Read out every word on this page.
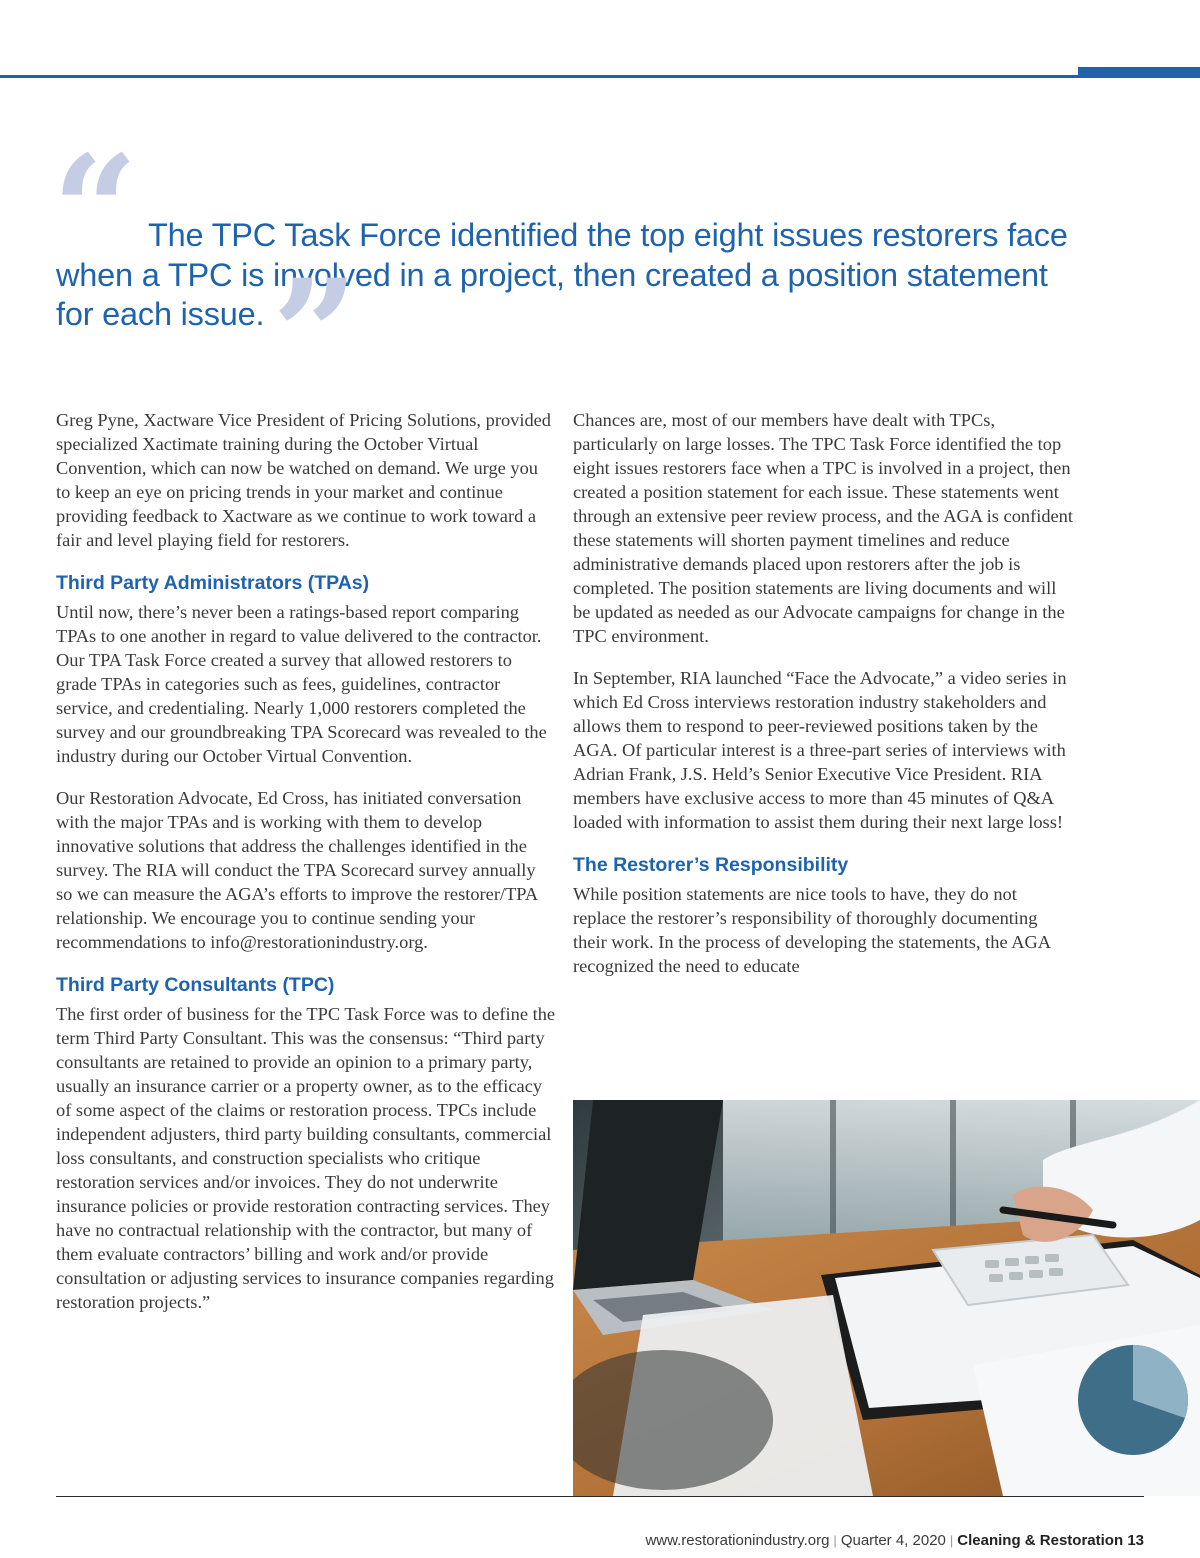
“ The TPC Task Force identified the top eight issues restorers face when a TPC is involved in a project, then created a position statement for each issue. ”

Greg Pyne, Xactware Vice President of Pricing Solutions, provided specialized Xactimate training during the October Virtual Convention, which can now be watched on demand. We urge you to keep an eye on pricing trends in your market and continue providing feedback to Xactware as we continue to work toward a fair and level playing field for restorers.

Third Party Administrators (TPAs)

Until now, there’s never been a ratings-based report comparing TPAs to one another in regard to value delivered to the contractor. Our TPA Task Force created a survey that allowed restorers to grade TPAs in categories such as fees, guidelines, contractor service, and credentialing. Nearly 1,000 restorers completed the survey and our groundbreaking TPA Scorecard was revealed to the industry during our October Virtual Convention.

Our Restoration Advocate, Ed Cross, has initiated conversation with the major TPAs and is working with them to develop innovative solutions that address the challenges identified in the survey. The RIA will conduct the TPA Scorecard survey annually so we can measure the AGA’s efforts to improve the restorer/TPA relationship. We encourage you to continue sending your recommendations to info@restorationindustry.org.

Third Party Consultants (TPC)

The first order of business for the TPC Task Force was to define the term Third Party Consultant. This was the consensus: “Third party consultants are retained to provide an opinion to a primary party, usually an insurance carrier or a property owner, as to the efficacy of some aspect of the claims or restoration process. TPCs include independent adjusters, third party building consultants, commercial loss consultants, and construction specialists who critique restoration services and/or invoices. They do not underwrite insurance policies or provide restoration contracting services. They have no contractual relationship with the contractor, but many of them evaluate contractors’ billing and work and/or provide consultation or adjusting services to insurance companies regarding restoration projects.”

Chances are, most of our members have dealt with TPCs, particularly on large losses. The TPC Task Force identified the top eight issues restorers face when a TPC is involved in a project, then created a position statement for each issue. These statements went through an extensive peer review process, and the AGA is confident these statements will shorten payment timelines and reduce administrative demands placed upon restorers after the job is completed. The position statements are living documents and will be updated as needed as our Advocate campaigns for change in the TPC environment.

In September, RIA launched “Face the Advocate,” a video series in which Ed Cross interviews restoration industry stakeholders and allows them to respond to peer-reviewed positions taken by the AGA. Of particular interest is a three-part series of interviews with Adrian Frank, J.S. Held’s Senior Executive Vice President. RIA members have exclusive access to more than 45 minutes of Q&A loaded with information to assist them during their next large loss!

The Restorer’s Responsibility

While position statements are nice tools to have, they do not replace the restorer’s responsibility of thoroughly documenting their work. In the process of developing the statements, the AGA recognized the need to educate

www.restorationindustry.org | Quarter 4, 2020 | Cleaning & Restoration 13
